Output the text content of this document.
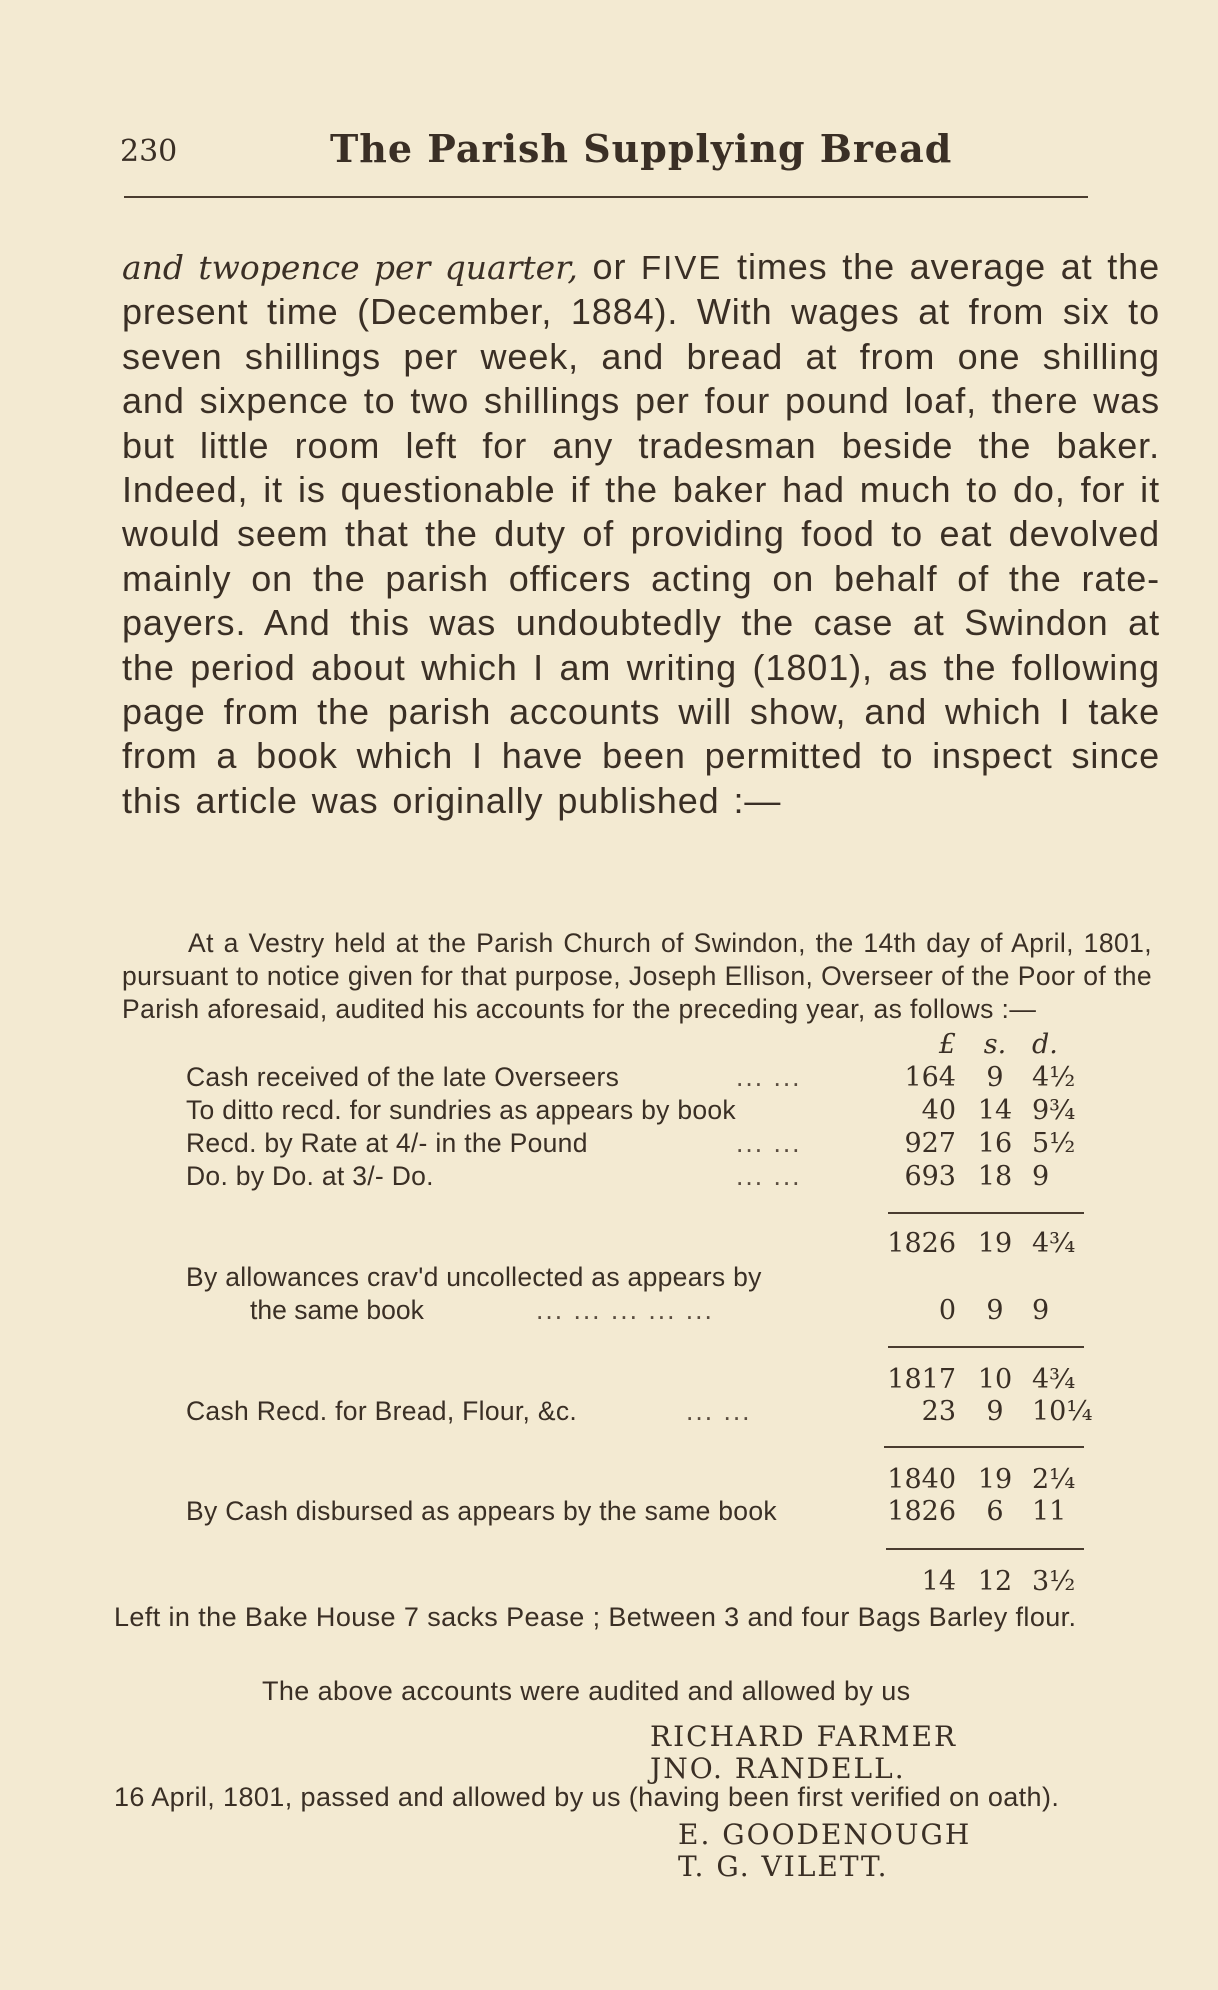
230	The Parish Supplying Bread
and twopence per quarter, or FIVE times the average at the present time (December, 1884). With wages at from six to seven shillings per week, and bread at from one shilling and sixpence to two shillings per four pound loaf, there was but little room left for any tradesman beside the baker. Indeed, it is questionable if the baker had much to do, for it would seem that the duty of providing food to eat devolved mainly on the parish officers acting on behalf of the rate-payers. And this was undoubtedly the case at Swindon at the period about which I am writing (1801), as the following page from the parish accounts will show, and which I take from a book which I have been permitted to inspect since this article was originally published :—
At a Vestry held at the Parish Church of Swindon, the 14th day of April, 1801, pursuant to notice given for that purpose, Joseph Ellison, Overseer of the Poor of the Parish aforesaid, audited his accounts for the preceding year, as follows :—
£	s. d.
Cash received of the late Overseers	... ...	164	9	4½
To ditto recd. for sundries as appears by book	40 14 9¾
Recd. by Rate at 4/- in the Pound	... ...	927 16 5½
Do. by Do. at 3/- Do.	... ...	693 18 9
1826 19 4¾
By allowances crav'd uncollected as appears by
the same book	... ... ... ... ...	0	9	9
1817 10 4¾
Cash Recd. for Bread, Flour, &c.	... ...	23	9	10¼
1840 19 2¼
By Cash disbursed as appears by the same book	1826	6	11
14 12 3½
Left in the Bake House 7 sacks Pease ; Between 3 and four Bags Barley flour.
The above accounts were audited and allowed by us
RICHARD FARMER
JNO. RANDELL.
16 April, 1801, passed and allowed by us (having been first verified on oath).
E. GOODENOUGH
T. G. VILETT.
